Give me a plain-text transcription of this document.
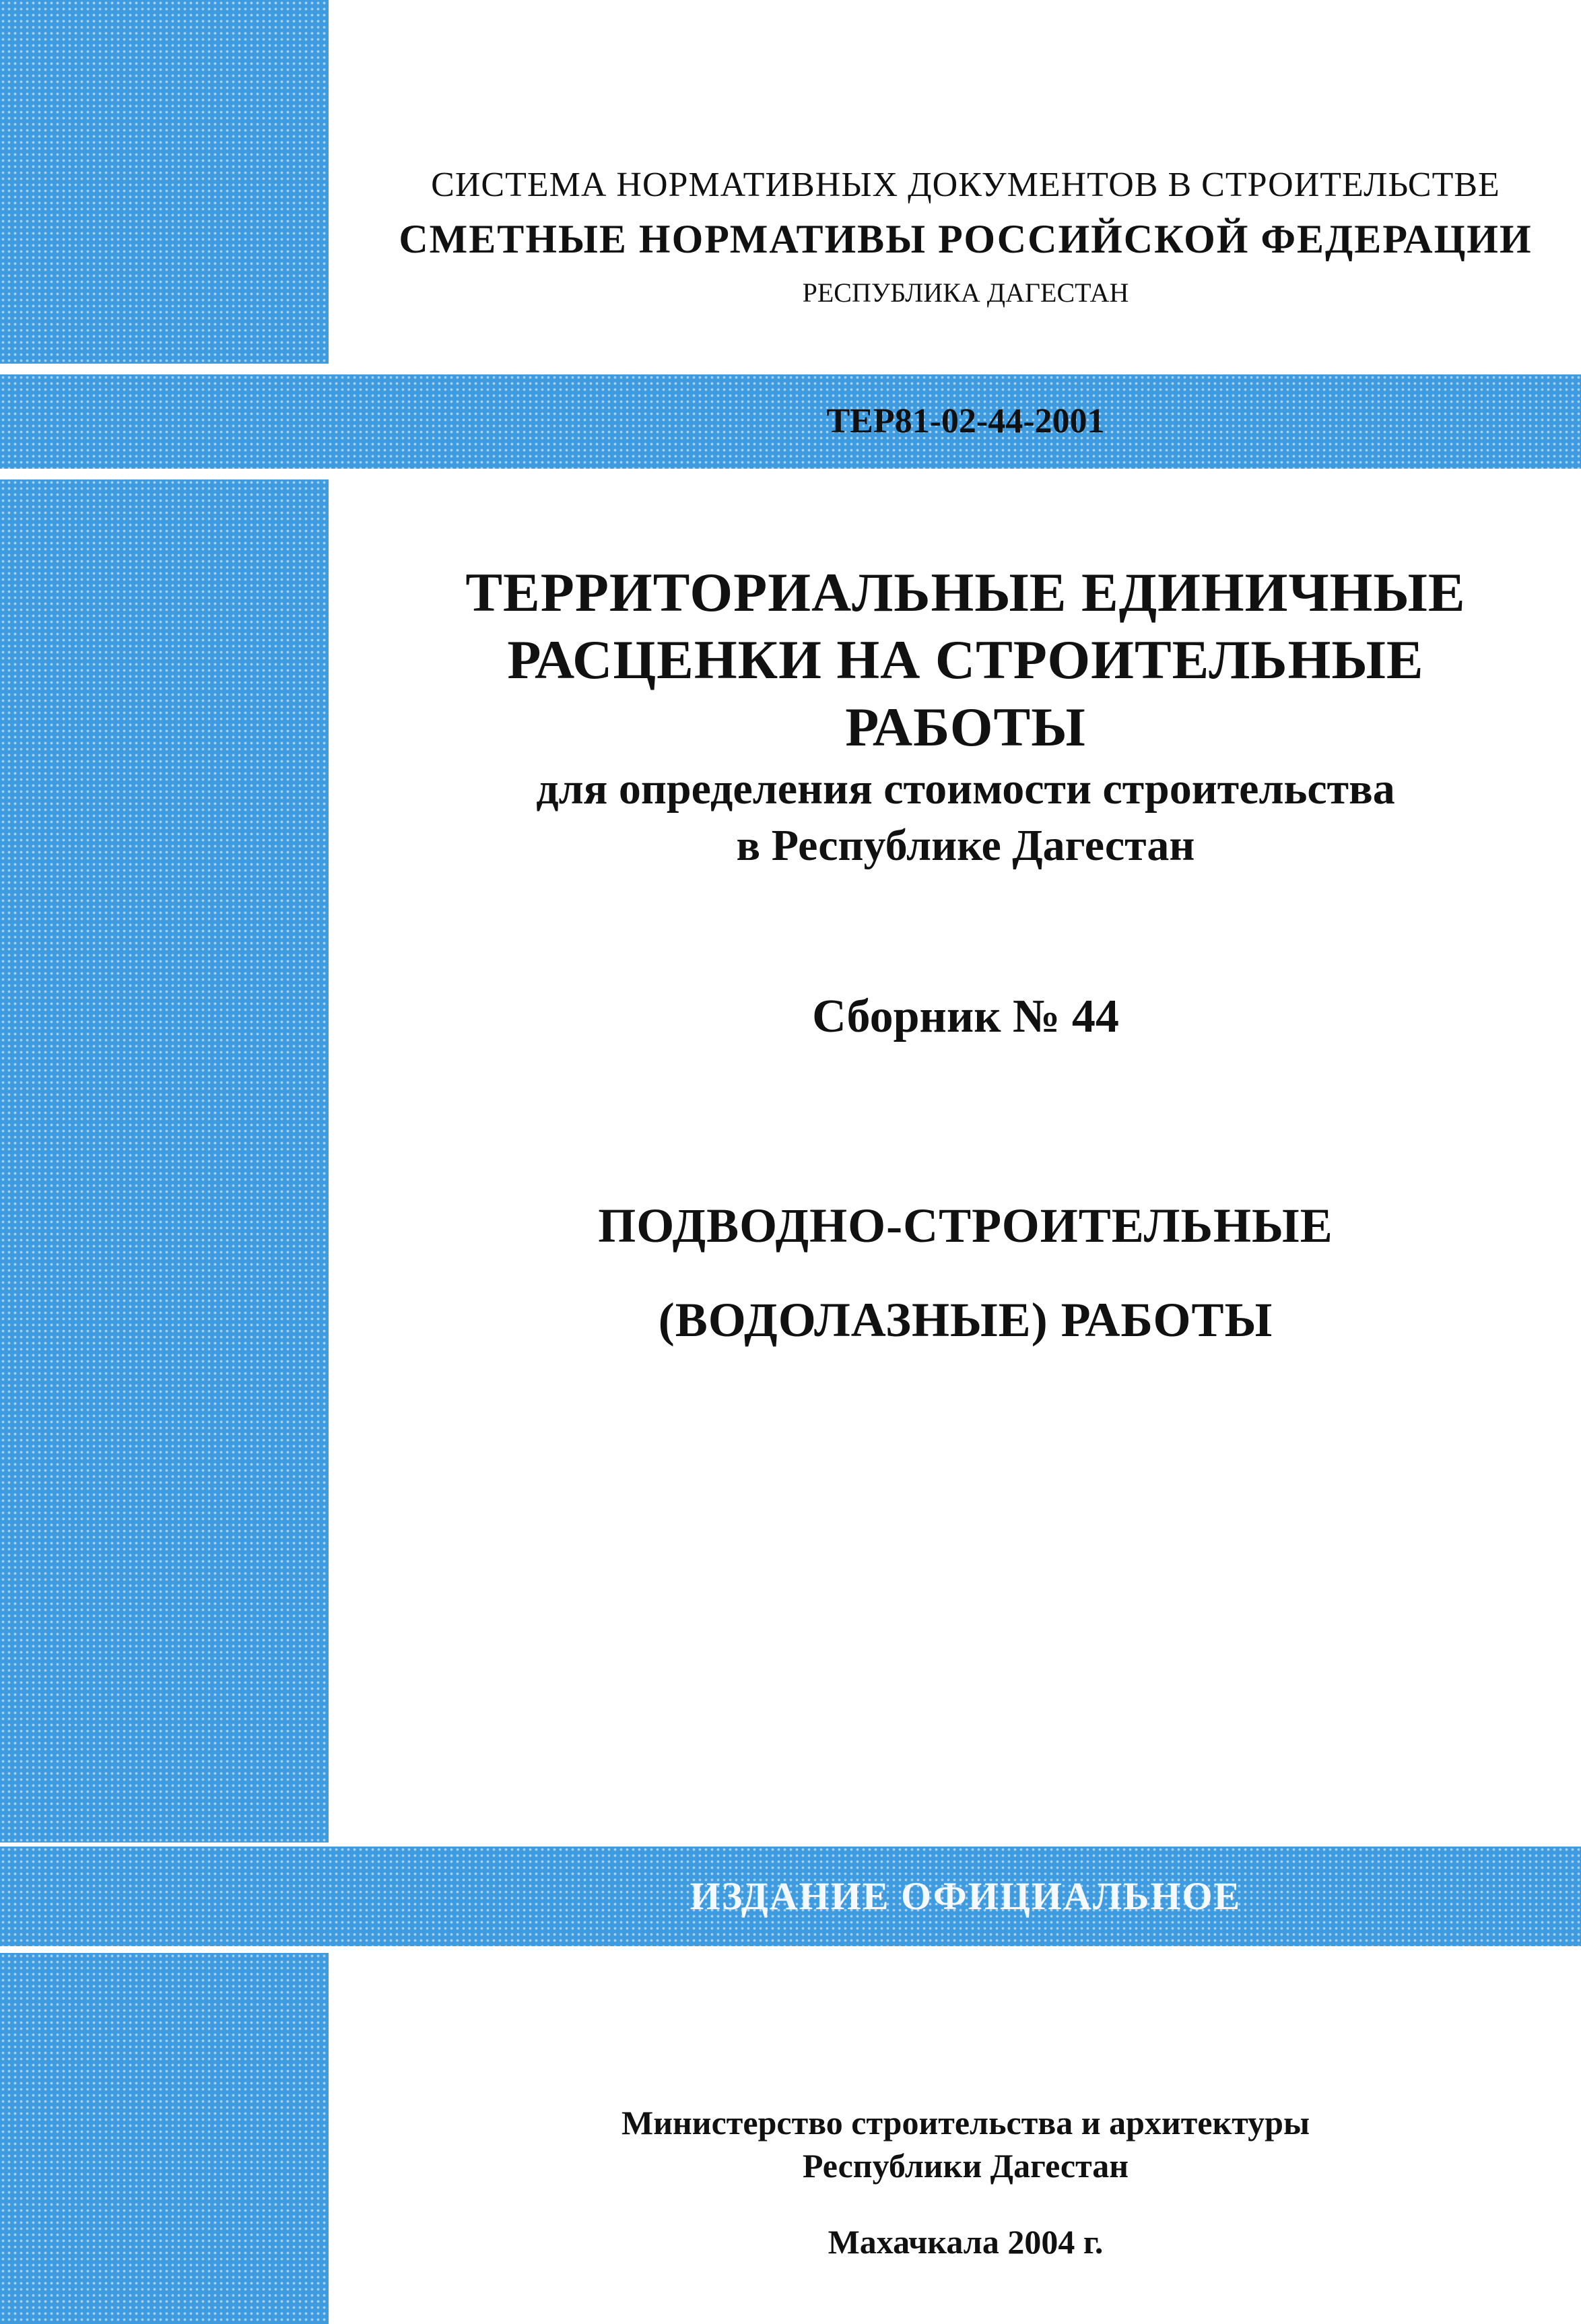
СИСТЕМА НОРМАТИВНЫХ ДОКУМЕНТОВ В СТРОИТЕЛЬСТВЕ
СМЕТНЫЕ НОРМАТИВЫ РОССИЙСКОЙ ФЕДЕРАЦИИ
РЕСПУБЛИКА ДАГЕСТАН
ТЕР81-02-44-2001
ТЕРРИТОРИАЛЬНЫЕ ЕДИНИЧНЫЕ
РАСЦЕНКИ НА СТРОИТЕЛЬНЫЕ
РАБОТЫ
для определения стоимости строительства
в Республике Дагестан
Сборник № 44
ПОДВОДНО-СТРОИТЕЛЬНЫЕ
(ВОДОЛАЗНЫЕ) РАБОТЫ
ИЗДАНИЕ ОФИЦИАЛЬНОЕ
Министерство строительства и архитектуры
Республики Дагестан
Махачкала 2004 г.
